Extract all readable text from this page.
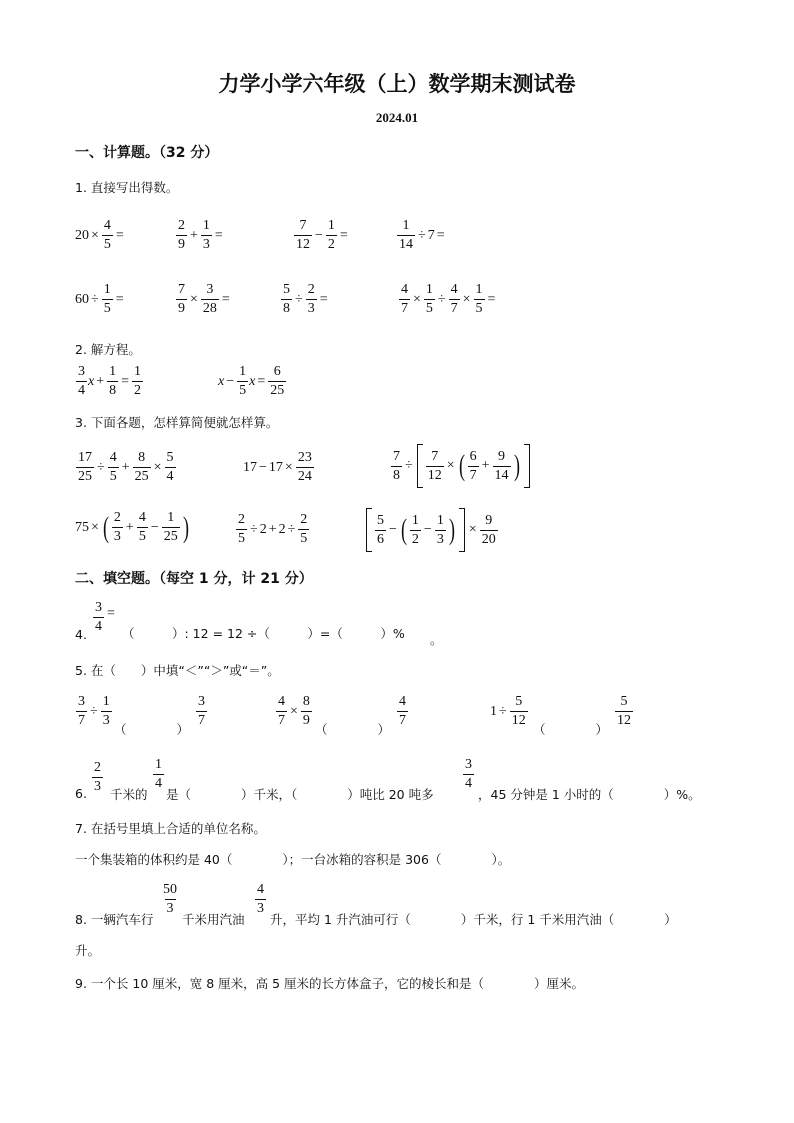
力学小学六年级（上）数学期末测试卷
2024.01
一、计算题。（32 分）
1. 直接写出得数。
$20 \times \frac{4}{5}$ =	$\frac{2}{9} + \frac{1}{3}$ =	$\frac{7}{12} - \frac{1}{2}$ =	$\frac{1}{14} \div 7$ =
$60 \div \frac{1}{5}$ =	$\frac{7}{9} \times \frac{3}{28}$ =	$\frac{5}{8} \div \frac{2}{3}$ =	$\frac{4}{7} \times \frac{1}{5} \div \frac{4}{7} \times \frac{1}{5}$ =
2. 解方程。
$\frac{3}{4}$ $x + \frac{1}{8} = \frac{1}{2}$	$x - \frac{1}{5}$ $x = \frac{6}{25}$
3. 下面各题，怎样算简便就怎样算。
$\frac{17}{25} \div \frac{4}{5} + \frac{8}{25} \times \frac{5}{4}$	$17 - 17 \times \frac{23}{24}$	$\frac{7}{8} \div \frac{7}{12}$ × ( $\frac{6}{7} + \frac{9}{14}$ )
75 × ( $\frac{2}{3} + \frac{4}{5} - \frac{1}{25}$ )	$\frac{2}{5} \div 2 + 2 \div \frac{2}{5}$	$\frac{5}{6}$ − ( $\frac{1}{2} - \frac{1}{3}$ ) × $\frac{9}{20}$
二、填空题。（每空 1 分，计 21 分）
4. $\frac{3}{4}$ =
（　　　）: 12 = 12 ÷（　　　）=（　　　）% 。
5. 在（　　）中填“＜”“＞”或“＝”。
$\frac{3}{7} \div \frac{1}{3}$
（　　　　）
$\frac{3}{7}$	$\frac{4}{7} \times \frac{8}{9}$
（　　　　）
$\frac{4}{7}$	$1 \div \frac{5}{12}$
（　　　　）
$\frac{5}{12}$
6. $\frac{2}{3}$ 千米的
$\frac{1}{4}$
是（　　　　）千米，（　　　　）吨比 20 吨多
$\frac{3}{4}$
，45 分钟是 1 小时的（　　　　）%。
7. 在括号里填上合适的单位名称。
一个集装箱的体积约是 40（　　　　）；一台冰箱的容积是 306（　　　　）。
8. 一辆汽车行
$\frac{50}{3}$
千米用汽油
$\frac{4}{3}$
升，平均 1 升汽油可行（　　　　）千米，行 1 千米用汽油（　　　　）
升。
9. 一个长 10 厘米，宽 8 厘米，高 5 厘米的长方体盒子，它的棱长和是（　　　　）厘米。
